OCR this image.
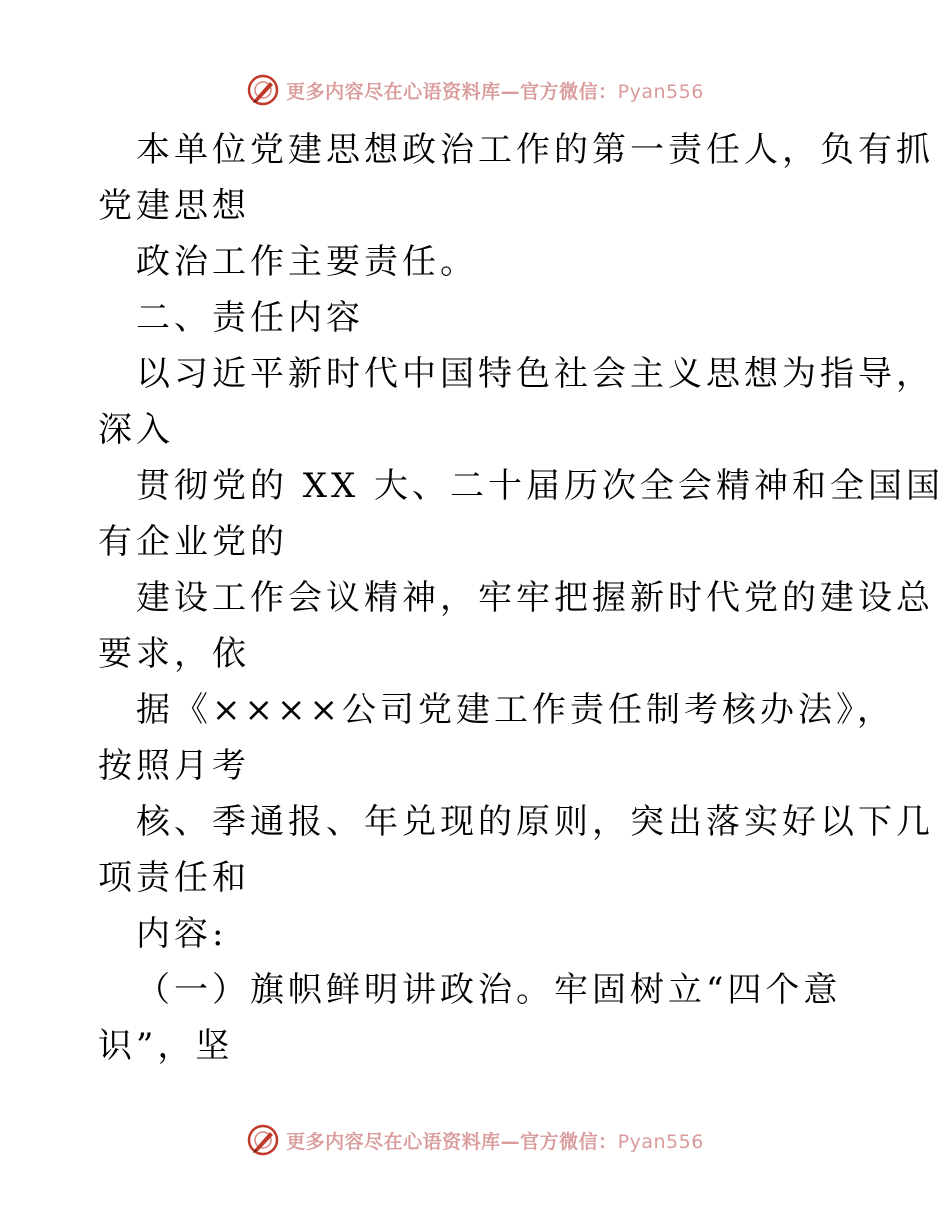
更多内容尽在心语资料库—官方微信：Pyan556
本单位党建思想政治工作的第一责任人，负有抓
党建思想
政治工作主要责任。
二、责任内容
以习近平新时代中国特色社会主义思想为指导，
深入
贯彻党的 XX 大、二十届历次全会精神和全国国
有企业党的
建设工作会议精神，牢牢把握新时代党的建设总
要求，依
据《××××公司党建工作责任制考核办法》，
按照月考
核、季通报、年兑现的原则，突出落实好以下几
项责任和
内容:
（一）旗帜鲜明讲政治。牢固树立“四个意
识”，坚
更多内容尽在心语资料库—官方微信：Pyan556
